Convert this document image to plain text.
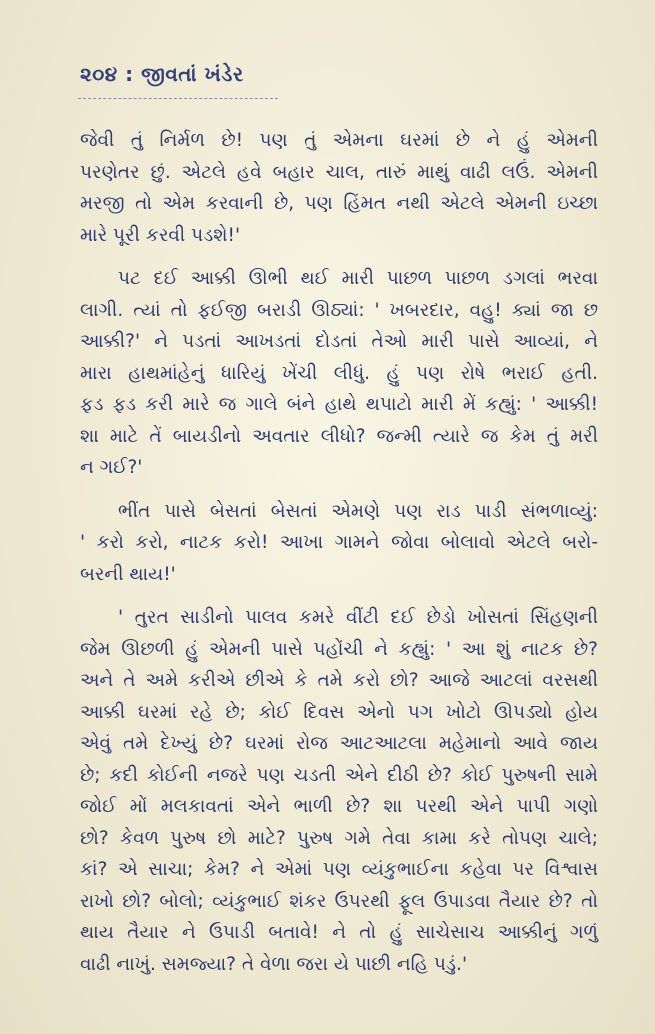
૨૦૪ : જીવતાં ખંડેર
જેવી તું નિર્મળ છે! પણ તું એમના ઘરમાં છે ને હું એમની
પરણેતર છું. એટલે હવે બહાર ચાલ, તારું માથું વાઢી લઉં. એમની
મરજી તો એમ કરવાની છે, પણ હિંમત નથી એટલે એમની ઇચ્છા
મારે પૂરી કરવી પડશે!'
પટ દઈ આક્કી ઊભી થઈ મારી પાછળ પાછળ ડગલાં ભરવા
લાગી. ત્યાં તો ફઈજી બરાડી ઊઠ્યાં: ' ખબરદાર, વહુ! ક્યાં જા છ
આક્કી?' ને પડતાં આખડતાં દોડતાં તેઓ મારી પાસે આવ્યાં, ને
મારા હાથમાંહેનું ધારિયું ખેંચી લીધું. હું પણ રોષે ભરાઈ હતી.
ફડ ફડ કરી મારે જ ગાલે બંને હાથે થપાટો મારી મેં કહ્યું: ' આક્કી!
શા માટે તેં બાયડીનો અવતાર લીધો? જન્મી ત્યારે જ કેમ તું મરી
ન ગઈ?'
ભીંત પાસે બેસતાં બેસતાં એમણે પણ રાડ પાડી સંભળાવ્યું:
' કરો કરો, નાટક કરો! આખા ગામને જોવા બોલાવો એટલે બરો-
બરની થાય!'
' તુરત સાડીનો પાલવ કમરે વીંટી દઈ છેડો ખોસતાં સિંહણની
જેમ ઊછળી હું એમની પાસે પહોંચી ને કહ્યું: ' આ શું નાટક છે?
અને તે અમે કરીએ છીએ કે તમે કરો છો? આજે આટલાં વરસથી
આક્કી ઘરમાં રહે છે; કોઈ દિવસ એનો પગ ખોટો ઊપડ્યો હોય
એવું તમે દેખ્યું છે? ઘરમાં રોજ આટઆટલા મહેમાનો આવે જાય
છે; કદી કોઈની નજરે પણ ચડતી એને દીઠી છે? કોઈ પુરુષની સામે
જોઈ મોં મલકાવતાં એને ભાળી છે? શા પરથી એને પાપી ગણો
છો? કેવળ પુરુષ છો માટે? પુરુષ ગમે તેવા કામા કરે તોપણ ચાલે;
કાં? એ સાચા; કેમ? ને એમાં પણ વ્યંકુભાઈના કહેવા પર વિશ્વાસ
રાખો છો? બોલો; વ્યંકુભાઈ શંકર ઉપરથી ફૂલ ઉપાડવા તૈયાર છે? તો
થાય તૈયાર ને ઉપાડી બતાવે! ને તો હું સાચેસાચ આક્કીનું ગળું
વાઢી નાખું. સમજ્યા? તે વેળા જરા યે પાછી નહિ પડું.'
